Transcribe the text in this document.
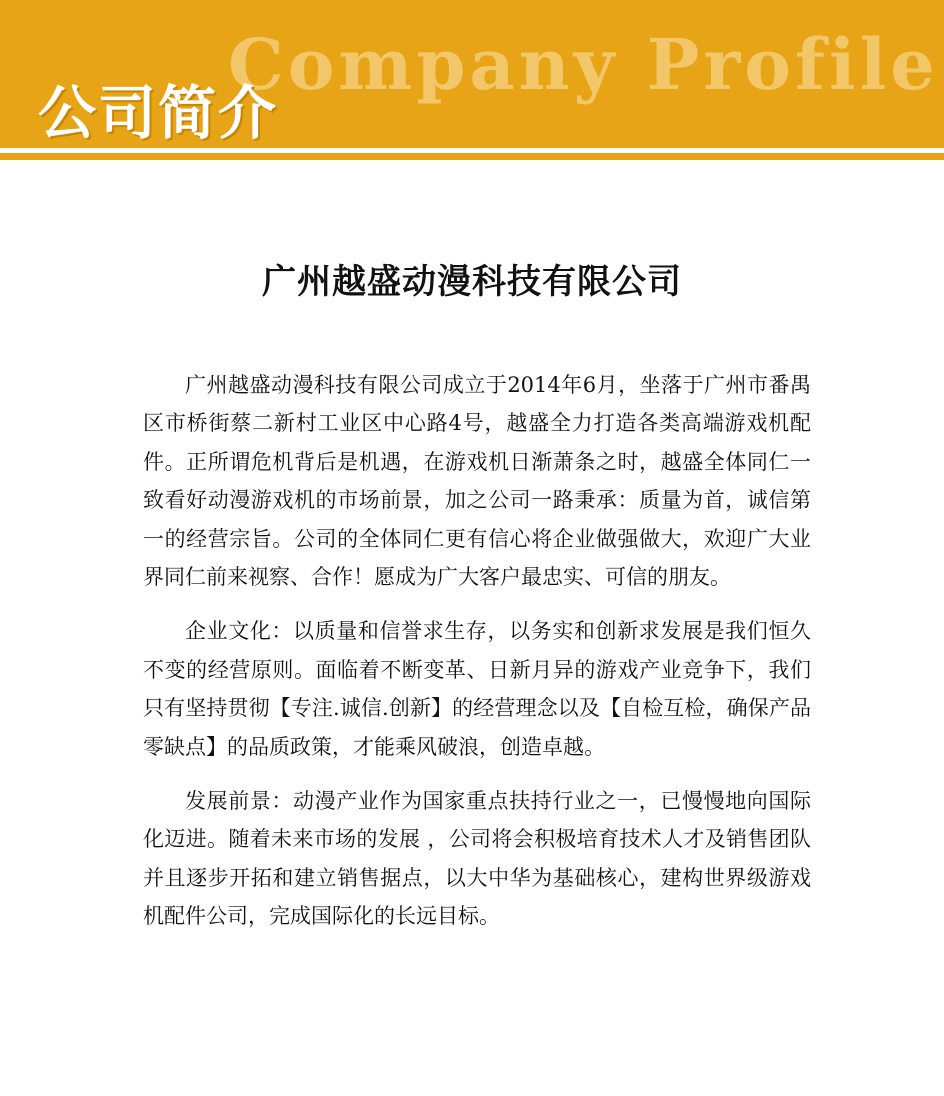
Company Profile
公司简介
广州越盛动漫科技有限公司

广州越盛动漫科技有限公司成立于2014年6月，坐落于广州市番禺区市桥街蔡二新村工业区中心路4号，越盛全力打造各类高端游戏机配件。正所谓危机背后是机遇，在游戏机日渐萧条之时，越盛全体同仁一致看好动漫游戏机的市场前景，加之公司一路秉承：质量为首，诚信第一的经营宗旨。公司的全体同仁更有信心将企业做强做大，欢迎广大业界同仁前来视察、合作！愿成为广大客户最忠实、可信的朋友。

企业文化：以质量和信誉求生存，以务实和创新求发展是我们恒久不变的经营原则。面临着不断变革、日新月异的游戏产业竞争下，我们只有坚持贯彻【专注.诚信.创新】的经营理念以及【自检互检，确保产品零缺点】的品质政策，才能乘风破浪，创造卓越。

发展前景：动漫产业作为国家重点扶持行业之一，已慢慢地向国际化迈进。随着未来市场的发展 ，公司将会积极培育技术人才及销售团队并且逐步开拓和建立销售据点，以大中华为基础核心，建构世界级游戏机配件公司，完成国际化的长远目标。
